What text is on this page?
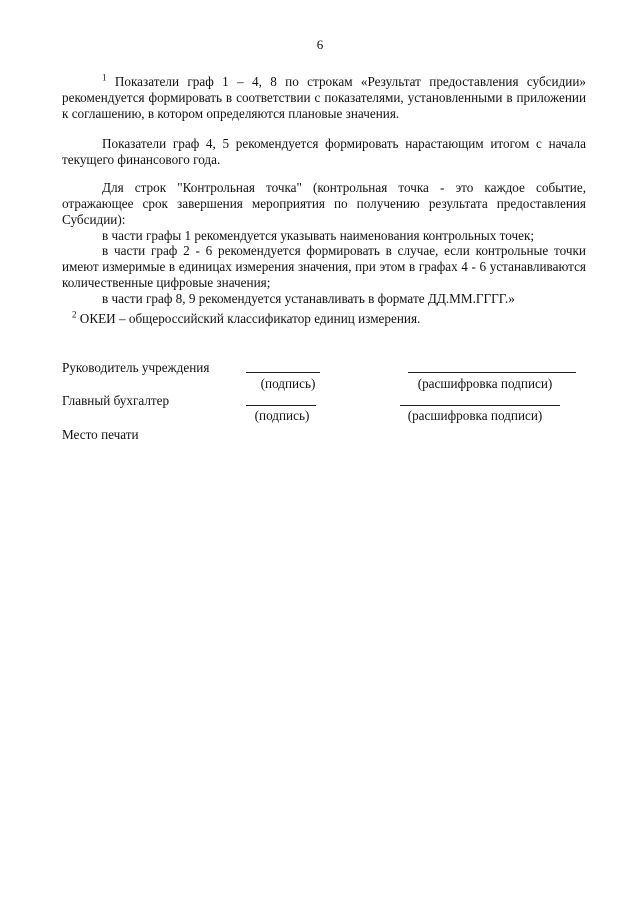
6

$^1$ Показатели граф 1 – 4, 8 по строкам «Результат предоставления субсидии» рекомендуется формировать в соответствии с показателями, установленными в приложении к соглашению, в котором определяются плановые значения.

Показатели граф 4, 5 рекомендуется формировать нарастающим итогом с начала текущего финансового года.

Для строк "Контрольная точка" (контрольная точка - это каждое событие, отражающее срок завершения мероприятия по получению результата предоставления Субсидии):

в части графы 1 рекомендуется указывать наименования контрольных точек;

в части граф 2 - 6 рекомендуется формировать в случае, если контрольные точки имеют измеримые в единицах измерения значения, при этом в графах 4 - 6 устанавливаются количественные цифровые значения;

в части граф 8, 9 рекомендуется устанавливать в формате ДД.ММ.ГГГГ.»

$^2$ ОКЕИ – общероссийский классификатор единиц измерения.

Руководитель учреждения
(подпись)	(расшифровка подписи)
Главный бухгалтер
(подпись)	(расшифровка подписи)
Место печати
